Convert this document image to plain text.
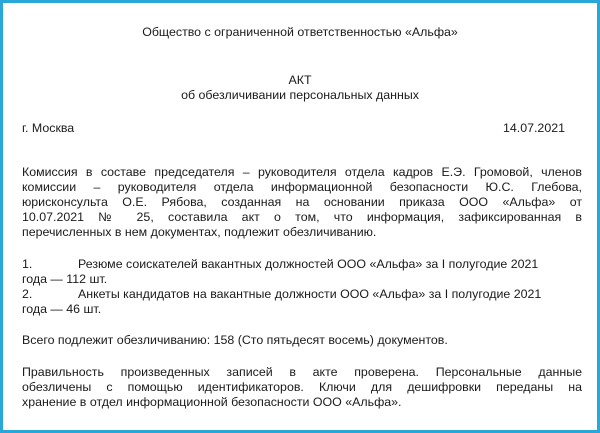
Общество с ограниченной ответственностью «Альфа»
АКТ
об обезличивании персональных данных
г. Москва	14.07.2021
Комиссия в составе председателя – руководителя отдела кадров Е.Э. Громовой, членов
комиссии – руководителя отдела информационной безопасности Ю.С. Глебова,
юрисконсульта О.Е. Рябова, созданная на основании приказа ООО «Альфа» от
10.07.2021 № 25, составила акт о том, что информация, зафиксированная в
перечисленных в нем документах, подлежит обезличиванию.
1.	Резюме соискателей вакантных должностей ООО «Альфа» за I полугодие 2021
года — 112 шт.
2.	Анкеты кандидатов на вакантные должности ООО «Альфа» за I полугодие 2021
года — 46 шт.
Всего подлежит обезличиванию: 158 (Сто пятьдесят восемь) документов.
Правильность произведенных записей в акте проверена. Персональные данные
обезличены с помощью идентификаторов. Ключи для дешифровки переданы на
хранение в отдел информационной безопасности ООО «Альфа».
